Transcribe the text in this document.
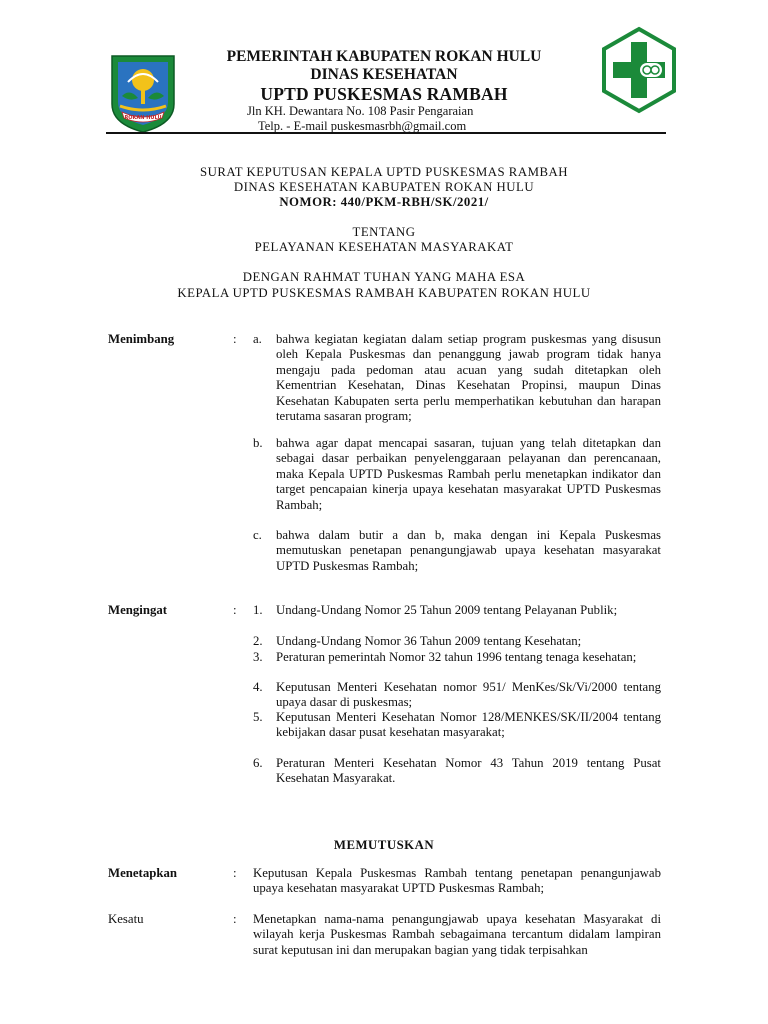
ROKAN HULU
PEMERINTAH KABUPATEN ROKAN HULU
DINAS KESEHATAN
UPTD PUSKESMAS RAMBAH
Jln KH. Dewantara No. 108 Pasir Pengaraian
Telp. - E-mail puskesmasrbh@gmail.com
SURAT KEPUTUSAN KEPALA UPTD PUSKESMAS RAMBAH
DINAS KESEHATAN KABUPATEN ROKAN HULU
NOMOR: 440/PKM-RBH/SK/2021/
TENTANG
PELAYANAN KESEHATAN MASYARAKAT
DENGAN RAHMAT TUHAN YANG MAHA ESA
KEPALA UPTD PUSKESMAS RAMBAH KABUPATEN ROKAN HULU
Menimbang	: a. bahwa kegiatan kegiatan dalam setiap program puskesmas yang disusun oleh Kepala Puskesmas dan penanggung jawab program tidak hanya mengaju pada pedoman atau acuan yang sudah ditetapkan oleh Kementrian Kesehatan, Dinas Kesehatan Propinsi, maupun Dinas Kesehatan Kabupaten serta perlu memperhatikan kebutuhan dan harapan terutama sasaran program;
b. bahwa agar dapat mencapai sasaran, tujuan yang telah ditetapkan dan sebagai dasar perbaikan penyelenggaraan pelayanan dan perencanaan, maka Kepala UPTD Puskesmas Rambah perlu menetapkan indikator dan target pencapaian kinerja upaya kesehatan masyarakat UPTD Puskesmas Rambah;
c. bahwa dalam butir a dan b, maka dengan ini Kepala Puskesmas memutuskan penetapan penangungjawab upaya kesehatan masyarakat UPTD Puskesmas Rambah;
Mengingat	: 1. Undang-Undang Nomor 25 Tahun 2009 tentang Pelayanan Publik;
2. Undang-Undang Nomor 36 Tahun 2009 tentang Kesehatan;
3. Peraturan pemerintah Nomor 32 tahun 1996 tentang tenaga kesehatan;
4. Keputusan Menteri Kesehatan nomor 951/ MenKes/Sk/Vi/2000 tentang upaya dasar di puskesmas;
5. Keputusan Menteri Kesehatan Nomor 128/MENKES/SK/II/2004 tentang kebijakan dasar pusat kesehatan masyarakat;
6. Peraturan Menteri Kesehatan Nomor 43 Tahun 2019 tentang Pusat Kesehatan Masyarakat.
MEMUTUSKAN
Menetapkan	: Keputusan Kepala Puskesmas Rambah tentang penetapan penangunjawab upaya kesehatan masyarakat UPTD Puskesmas Rambah;
Kesatu	: Menetapkan nama-nama penangungjawab upaya kesehatan Masyarakat di wilayah kerja Puskesmas Rambah sebagaimana tercantum didalam lampiran surat keputusan ini dan merupakan bagian yang tidak terpisahkan
